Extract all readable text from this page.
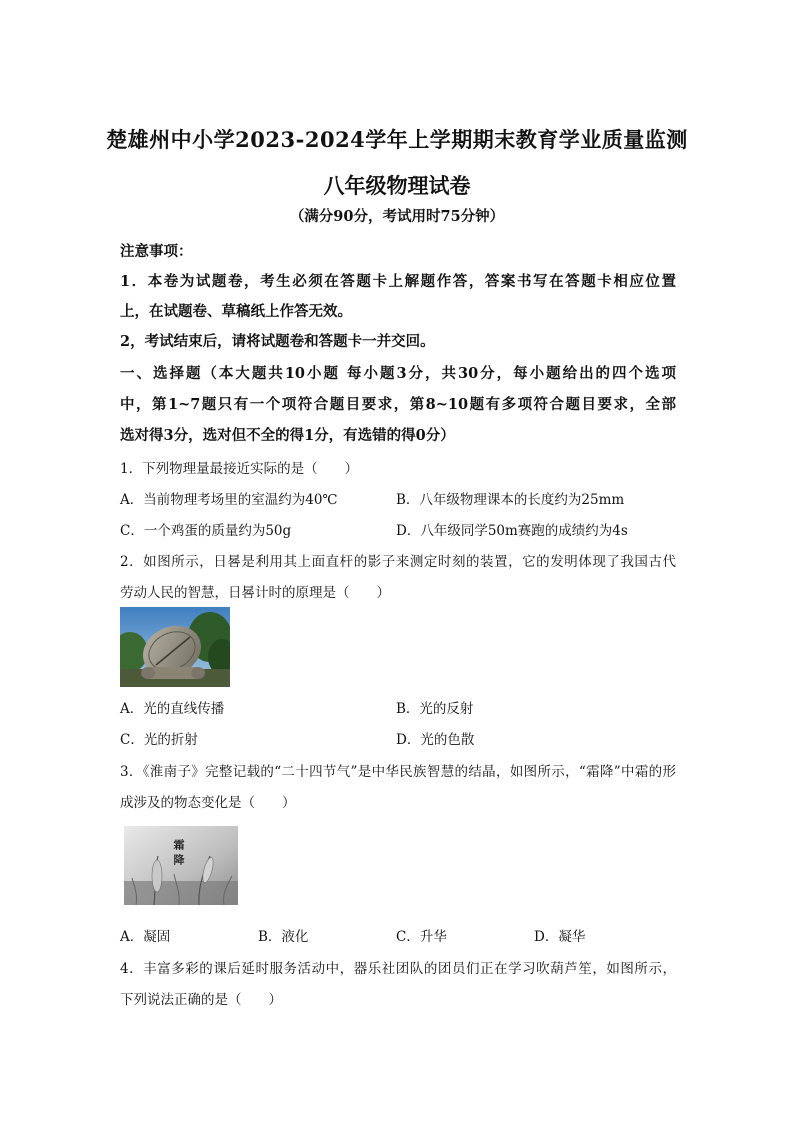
楚雄州中小学2023-2024学年上学期期末教育学业质量监测
八年级物理试卷
（满分90分，考试用时75分钟）
注意事项：
1．本卷为试题卷，考生必须在答题卡上解题作答，答案书写在答题卡相应位置
上，在试题卷、草稿纸上作答无效。
2，考试结束后，请将试题卷和答题卡一并交回。
一、选择题（本大题共10小题 每小题3分，共30分，每小题给出的四个选项
中，第1~7题只有一个项符合题目要求，第8~10题有多项符合题目要求，全部
选对得3分，选对但不全的得1分，有选错的得0分）
1．下列物理量最接近实际的是（　　）
A．当前物理考场里的室温约为40℃	B．八年级物理课本的长度约为25mm
C．一个鸡蛋的质量约为50g	D．八年级同学50m赛跑的成绩约为4s
2．如图所示，日晷是利用其上面直杆的影子来测定时刻的装置，它的发明体现了我国古代
劳动人民的智慧，日晷计时的原理是（　　）
A．光的直线传播	B．光的反射
C．光的折射	D．光的色散
3．《淮南子》完整记载的“二十四节气”是中华民族智慧的结晶，如图所示，“霜降”中霜的形
成涉及的物态变化是（　　）
霜 降
A．凝固	B．液化	C．升华	D．凝华
4．丰富多彩的课后延时服务活动中，器乐社团队的团员们正在学习吹葫芦笙，如图所示，
下列说法正确的是（　　）
